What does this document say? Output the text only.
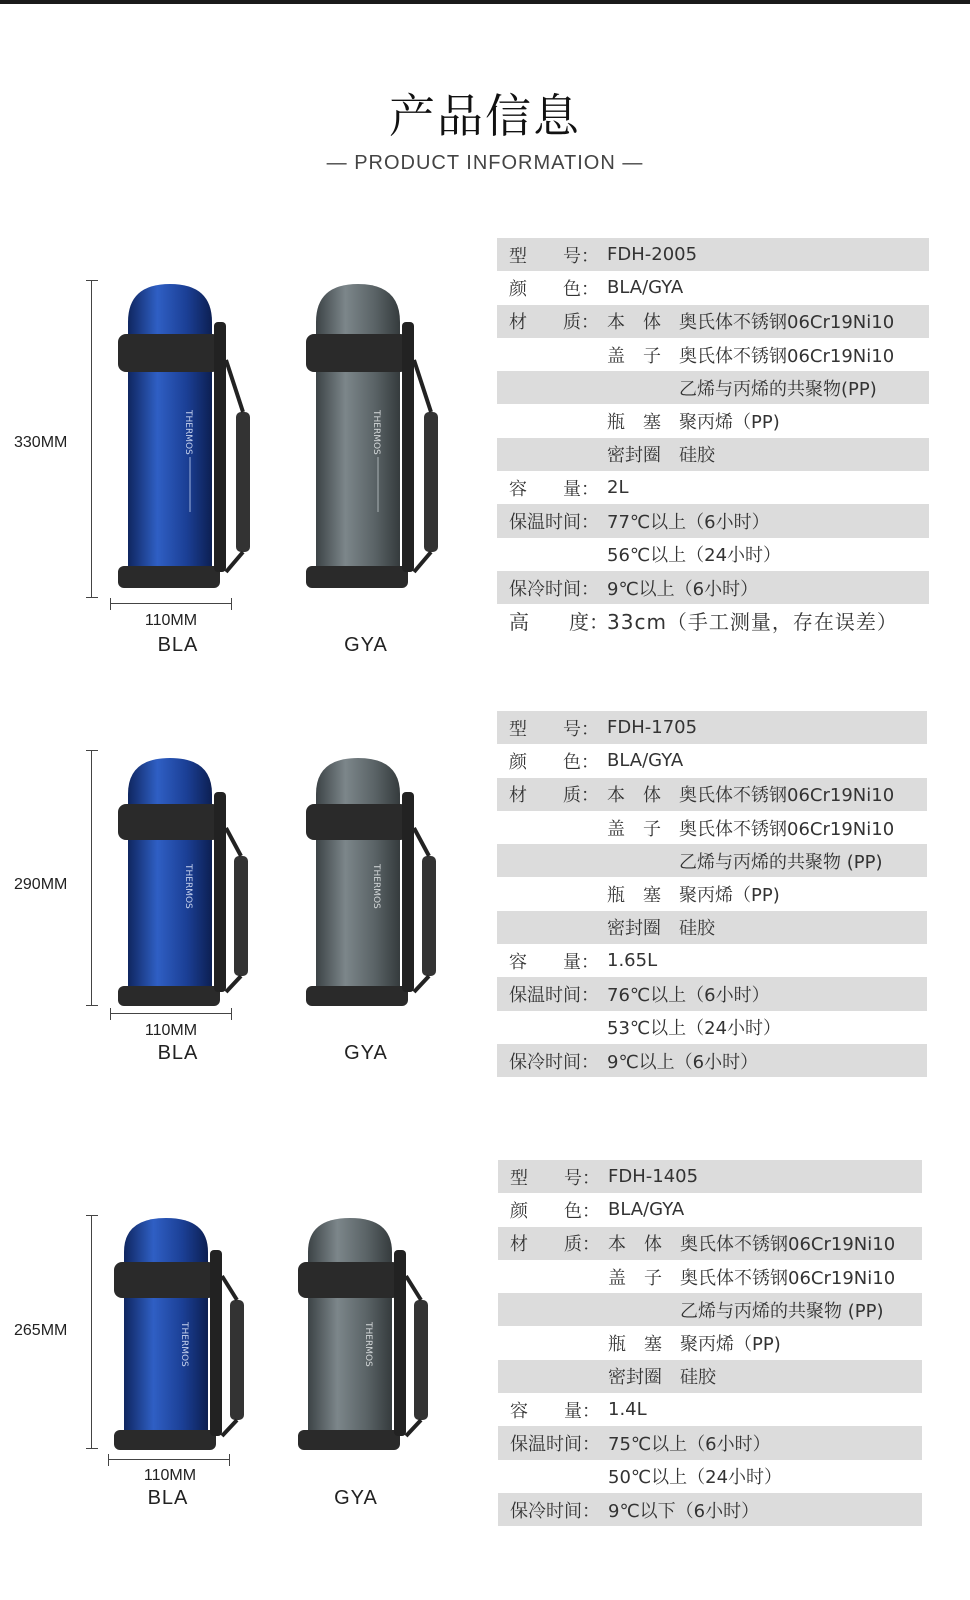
产品信息
— PRODUCT INFORMATION —
330MM	THERMOS	THERMOS
110MM
BLA	GYA
型　　号： FDH-2005
颜　　色： BLA/GYA
材　　质： 本　体	奥氏体不锈钢06Cr19Ni10
盖　子	奥氏体不锈钢06Cr19Ni10
乙烯与丙烯的共聚物(PP)
瓶　塞	聚丙烯（PP)
密封圈	硅胶
容　　量： 2L
保温时间： 77℃以上（6小时）
56℃以上（24小时）
保冷时间： 9℃以上（6小时）
高　　度：
33cm（手工测量，存在误差）
290MM	THERMOS	THERMOS
110MM
BLA	GYA
型　　号： FDH-1705
颜　　色： BLA/GYA
材　　质： 本　体	奥氏体不锈钢06Cr19Ni10
盖　子	奥氏体不锈钢06Cr19Ni10
乙烯与丙烯的共聚物 (PP)
瓶　塞	聚丙烯（PP)
密封圈	硅胶
容　　量： 1.65L
保温时间： 76℃以上（6小时）
53℃以上（24小时）
保冷时间： 9℃以上（6小时）
265MM	THERMOS	THERMOS
110MM
BLA	GYA
型　　号： FDH-1405
颜　　色： BLA/GYA
材　　质： 本　体	奥氏体不锈钢06Cr19Ni10
盖　子	奥氏体不锈钢06Cr19Ni10
乙烯与丙烯的共聚物 (PP)
瓶　塞	聚丙烯（PP)
密封圈	硅胶
容　　量： 1.4L
保温时间： 75℃以上（6小时）
50℃以上（24小时）
保冷时间： 9℃以下（6小时）
